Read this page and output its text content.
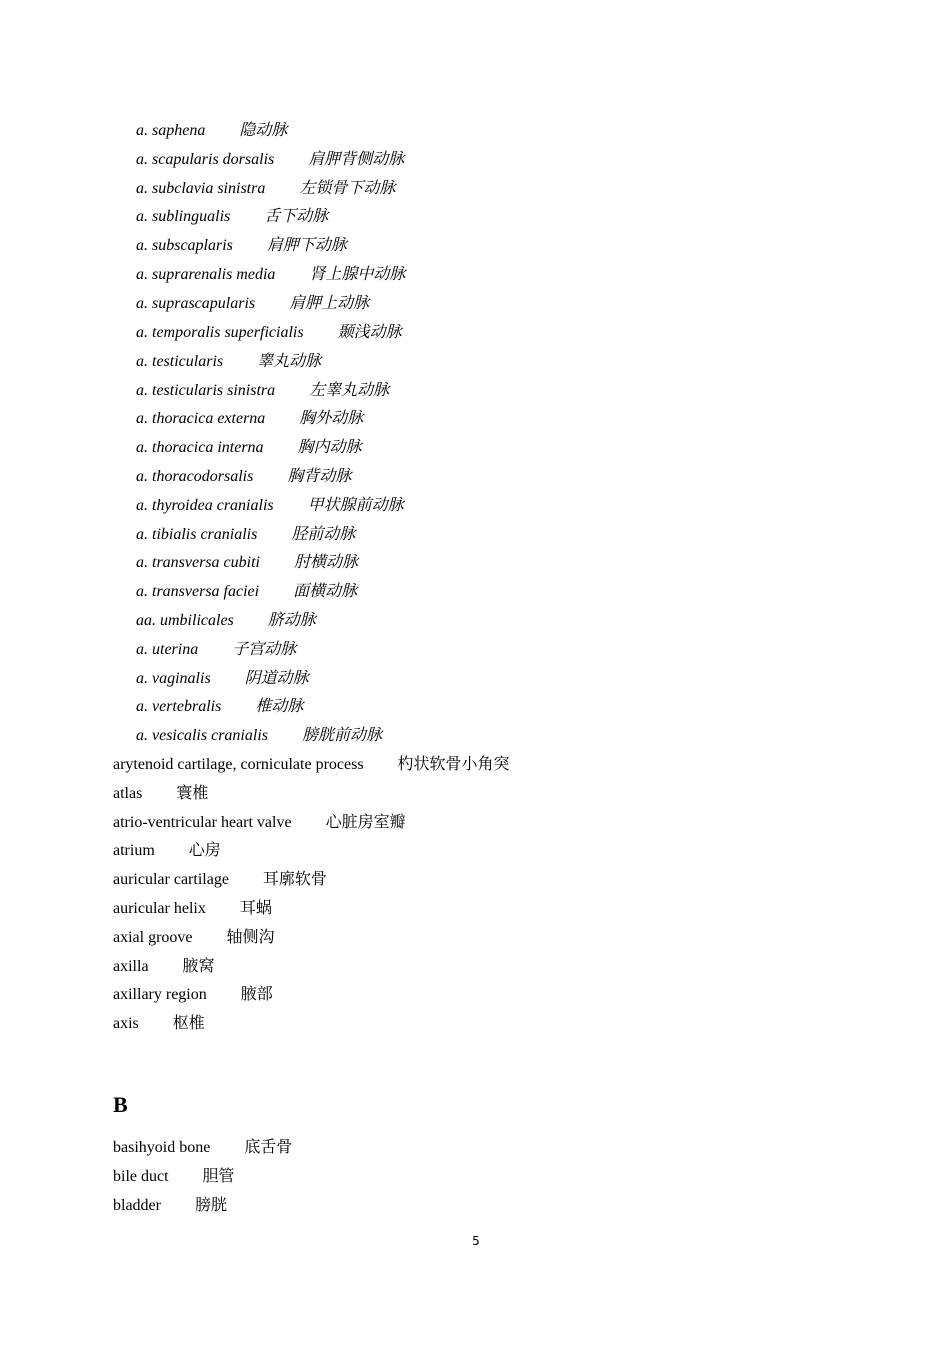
a. saphena 隐动脉
a. scapularis dorsalis 肩胛背侧动脉
a. subclavia sinistra 左锁骨下动脉
a. sublingualis 舌下动脉
a. subscaplaris 肩胛下动脉
a. suprarenalis media 肾上腺中动脉
a. suprascapularis 肩胛上动脉
a. temporalis superficialis 颞浅动脉
a. testicularis 睾丸动脉
a. testicularis sinistra 左睾丸动脉
a. thoracica externa 胸外动脉
a. thoracica interna 胸内动脉
a. thoracodorsalis 胸背动脉
a. thyroidea cranialis 甲状腺前动脉
a. tibialis cranialis 胫前动脉
a. transversa cubiti 肘横动脉
a. transversa faciei 面横动脉
aa. umbilicales 脐动脉
a. uterina 子宫动脉
a. vaginalis 阴道动脉
a. vertebralis 椎动脉
a. vesicalis cranialis 膀胱前动脉
arytenoid cartilage, corniculate process 杓状软骨小角突
atlas 寰椎
atrio-ventricular heart valve 心脏房室瓣
atrium 心房
auricular cartilage 耳廓软骨
auricular helix 耳蜗
axial groove 轴侧沟
axilla 腋窝
axillary region 腋部
axis 枢椎
B
basihyoid bone 底舌骨
bile duct 胆管
bladder 膀胱
5
